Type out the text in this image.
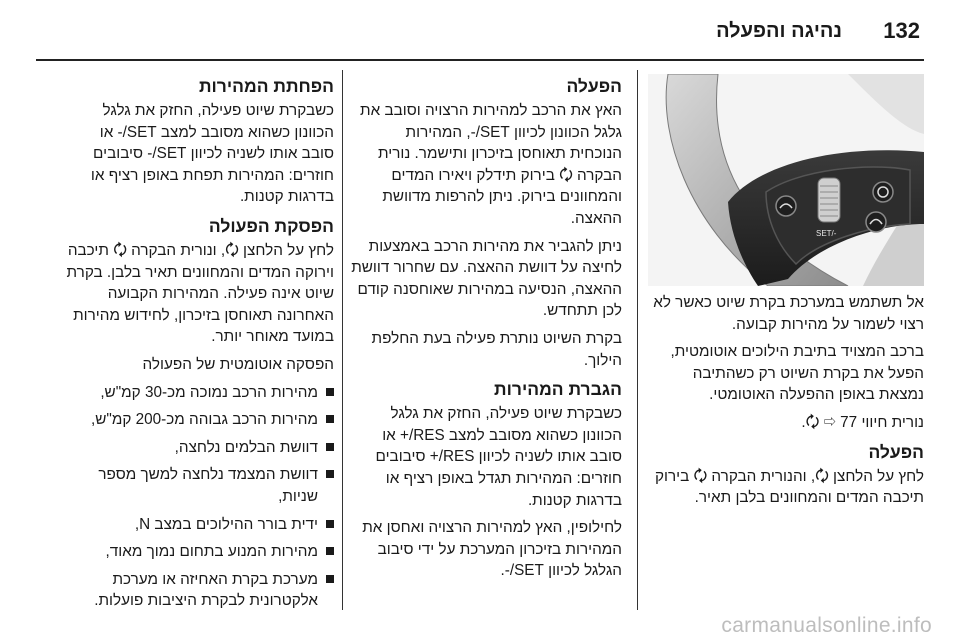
132
נהיגה והפעלה
SET/-

אל תשתמש במערכת בקרת שיוט כאשר לא רצוי לשמור על מהירות קבועה.

ברכב המצויד בתיבת הילוכים אוטומטית, הפעל את בקרת השיוט רק כשהתיבה נמצאת באופן ההפעלה האוטומטי.

נורית חיווי ‎🗘‎ ⇨ 77.

הפעלה

לחץ על הלחצן ‎🗘‎, והנורית הבקרה ‎🗘‎ בירוק תיכבה המדים והמחוונים בלבן תאיר.

הפעלה

האץ את הרכב למהירות הרצויה וסובב את גלגל הכוונון לכיוון SET/-, המהירות הנוכחית תאוחסן בזיכרון ותישמר. נורית הבקרה ‎🗘‎ בירוק תידלק ויאירו המדים והמחוונים בירוק. ניתן להרפות מדוושת ההאצה.

ניתן להגביר את מהירות הרכב באמצעות לחיצה על דוושת ההאצה. עם שחרור דוושת ההאצה, הנסיעה במהירות שאוחסנה קודם לכן תתחדש.

בקרת השיוט נותרת פעילה בעת החלפת הילוך.

הגברת המהירות

כשבקרת שיוט פעילה, החזק את גלגל הכוונון כשהוא מסובב למצב RES/+ או סובב אותו לשניה לכיוון RES/+ סיבובים חוזרים: המהירות תגדל באופן רציף או בדרגות קטנות.

לחילופין, האץ למהירות הרצויה ואחסן את המהירות בזיכרון המערכת על ידי סיבוב הגלגל לכיוון SET/-.

הפחתת המהירות

כשבקרת שיוט פעילה, החזק את גלגל הכוונון כשהוא מסובב למצב SET/- או סובב אותו לשניה לכיוון SET/- סיבובים חוזרים: המהירות תפחת באופן רציף או בדרגות קטנות.

הפסקת הפעולה

לחץ על הלחצן ‎🗘‎, ונורית הבקרה ‎🗘‎ תיכבה וירוקה המדים והמחוונים תאיר בלבן. בקרת שיוט אינה פעילה. המהירות הקבועה האחרונה תאוחסן בזיכרון, לחידוש מהירות במועד מאוחר יותר.

הפסקה אוטומטית של הפעולה

מהירות הרכב נמוכה מכ-30 קמ"ש,
מהירות הרכב גבוהה מכ-200 קמ"ש,
דוושת הבלמים נלחצה,
דוושת המצמד נלחצה למשך מספר שניות,
ידית בורר ההילוכים במצב N,
מהירות המנוע בתחום נמוך מאוד,
מערכת בקרת האחיזה או מערכת אלקטרונית לבקרת היציבות פועלות.
carmanualsonline.info
